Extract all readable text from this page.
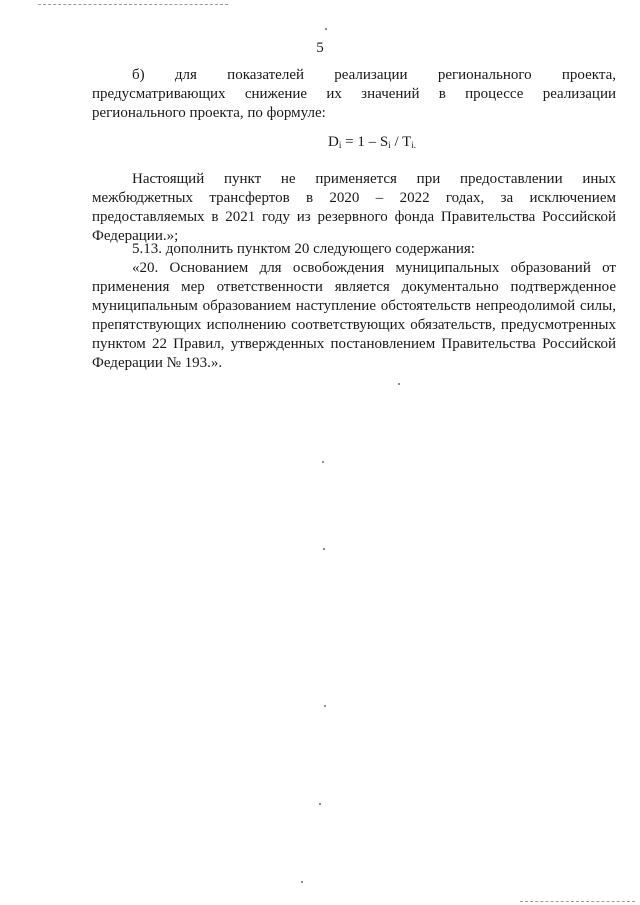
5

б) для показателей реализации регионального проекта, предусматривающих снижение их значений в процессе реализации регионального проекта, по формуле:

$D_i = 1 - S_i / T_{i.}$

Настоящий пункт не применяется при предоставлении иных межбюджетных трансфертов в 2020 – 2022 годах, за исключением предоставляемых в 2021 году из резервного фонда Правительства Российской Федерации.»;

5.13. дополнить пунктом 20 следующего содержания:

«20. Основанием для освобождения муниципальных образований от применения мер ответственности является документально подтвержденное муниципальным образованием наступление обстоятельств непреодолимой силы, препятствующих исполнению соответствующих обязательств, предусмотренных пунктом 22 Правил, утвержденных постановлением Правительства Российской Федерации № 193.».
